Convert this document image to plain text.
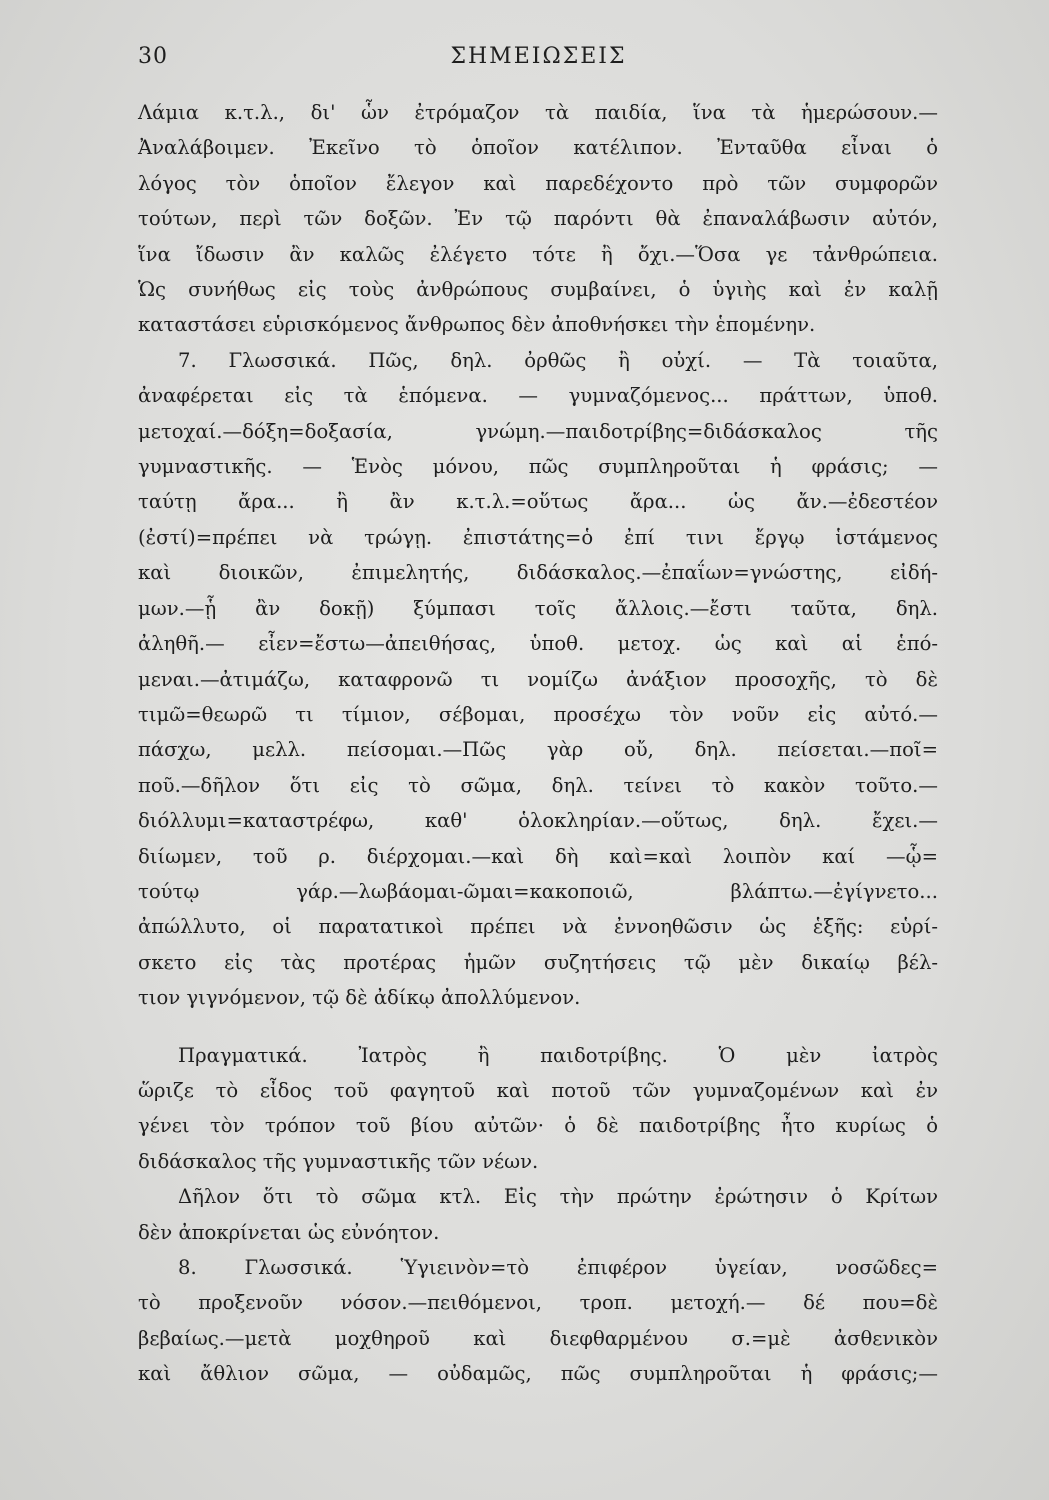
30	ΣΗΜΕΙΩΣΕΙΣ

Λάμια κ.τ.λ., δι' ὧν ἐτρόμαζον τὰ παιδία, ἵνα τὰ ἡμερώσουν.—
Ἀναλάβοιμεν. Ἐκεῖνο τὸ ὁποῖον κατέλιπον. Ἐνταῦθα εἶναι ὁ
λόγος τὸν ὁποῖον ἔλεγον καὶ παρεδέχοντο πρὸ τῶν συμφορῶν
τούτων, περὶ τῶν δοξῶν. Ἐν τῷ παρόντι θὰ ἐπαναλάβωσιν αὐτόν,
ἵνα ἴδωσιν ἂν καλῶς ἐλέγετο τότε ἢ ὄχι.—Ὅσα γε τἀνθρώπεια.
Ὡς συνήθως εἰς τοὺς ἀνθρώπους συμβαίνει, ὁ ὑγιὴς καὶ ἐν καλῇ
καταστάσει εὑρισκόμενος ἄνθρωπος δὲν ἀποθνήσκει τὴν ἑπομένην.

7. Γλωσσικά. Πῶς, δηλ. ὀρθῶς ἢ οὐχί. — Τὰ τοιαῦτα,
ἀναφέρεται εἰς τὰ ἑπόμενα. — γυμναζόμενος... πράττων, ὑποθ.
μετοχαί.—δόξη=δοξασία, γνώμη.—παιδοτρίβης=διδάσκαλος τῆς
γυμναστικῆς. — Ἑνὸς μόνου, πῶς συμπληροῦται ἡ φράσις; —
ταύτῃ ἄρα... ἢ ἂν κ.τ.λ.=οὕτως ἄρα... ὡς ἄν.—ἐδεστέον
(ἐστί)=πρέπει νὰ τρώγῃ. ἐπιστάτης=ὁ ἐπί τινι ἔργῳ ἱστάμενος
καὶ διοικῶν, ἐπιμελητής, διδάσκαλος.—ἐπαΐων=γνώστης, εἰδή-
μων.—ᾗ ἂν δοκῇ) ξύμπασι τοῖς ἄλλοις.—ἔστι ταῦτα, δηλ.
ἀληθῆ.— εἶεν=ἔστω—ἀπειθήσας, ὑποθ. μετοχ. ὡς καὶ αἱ ἑπό-
μεναι.—ἀτιμάζω, καταφρονῶ τι νομίζω ἀνάξιον προσοχῆς, τὸ δὲ
τιμῶ=θεωρῶ τι τίμιον, σέβομαι, προσέχω τὸν νοῦν εἰς αὐτό.—
πάσχω, μελλ. πείσομαι.—Πῶς γὰρ οὔ, δηλ. πείσεται.—ποῖ=
ποῦ.—δῆλον ὅτι εἰς τὸ σῶμα, δηλ. τείνει τὸ κακὸν τοῦτο.—
διόλλυμι=καταστρέφω, καθ' ὁλοκληρίαν.—οὕτως, δηλ. ἔχει.—
διίωμεν, τοῦ ρ. διέρχομαι.—καὶ δὴ καὶ=καὶ λοιπὸν καί —ᾧ=
τούτῳ γάρ.—λωβάομαι-ῶμαι=κακοποιῶ, βλάπτω.—ἐγίγνετο...
ἀπώλλυτο, οἱ παρατατικοὶ πρέπει νὰ ἐννοηθῶσιν ὡς ἑξῆς: εὑρί-
σκετο εἰς τὰς προτέρας ἡμῶν συζητήσεις τῷ μὲν δικαίῳ βέλ-
τιον γιγνόμενον, τῷ δὲ ἀδίκῳ ἀπολλύμενον.

Πραγματικά. Ἰατρὸς ἢ παιδοτρίβης. Ὁ μὲν ἰατρὸς
ὥριζε τὸ εἶδος τοῦ φαγητοῦ καὶ ποτοῦ τῶν γυμναζομένων καὶ ἐν
γένει τὸν τρόπον τοῦ βίου αὐτῶν· ὁ δὲ παιδοτρίβης ἦτο κυρίως ὁ
διδάσκαλος τῆς γυμναστικῆς τῶν νέων.

Δῆλον ὅτι τὸ σῶμα κτλ. Εἰς τὴν πρώτην ἐρώτησιν ὁ Κρίτων
δὲν ἀποκρίνεται ὡς εὐνόητον.

8. Γλωσσικά. Ὑγιεινὸν=τὸ ἐπιφέρον ὑγείαν, νοσῶδες=
τὸ προξενοῦν νόσον.—πειθόμενοι, τροπ. μετοχή.— δέ που=δὲ
βεβαίως.—μετὰ μοχθηροῦ καὶ διεφθαρμένου σ.=μὲ ἀσθενικὸν
καὶ ἄθλιον σῶμα, — οὐδαμῶς, πῶς συμπληροῦται ἡ φράσις;—
